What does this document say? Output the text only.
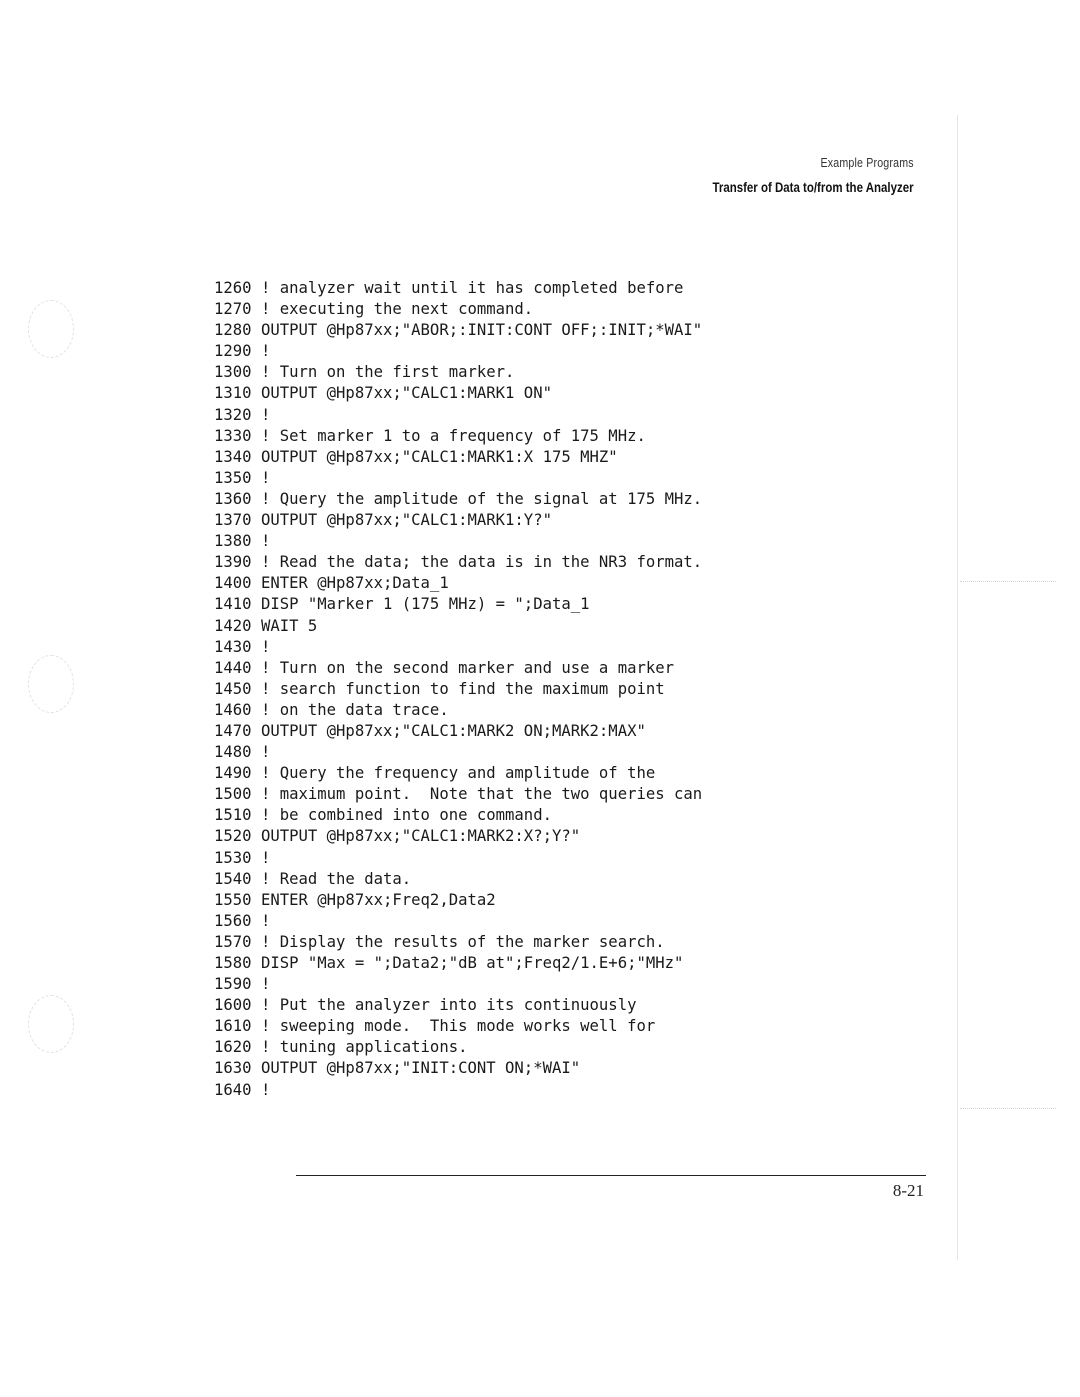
Example Programs
Transfer of Data to/from the Analyzer
1260 ! analyzer wait until it has completed before
1270 ! executing the next command.
1280 OUTPUT @Hp87xx;"ABOR;:INIT:CONT OFF;:INIT;*WAI"
1290 !
1300 ! Turn on the first marker.
1310 OUTPUT @Hp87xx;"CALC1:MARK1 ON"
1320 !
1330 ! Set marker 1 to a frequency of 175 MHz.
1340 OUTPUT @Hp87xx;"CALC1:MARK1:X 175 MHZ"
1350 !
1360 ! Query the amplitude of the signal at 175 MHz.
1370 OUTPUT @Hp87xx;"CALC1:MARK1:Y?"
1380 !
1390 ! Read the data; the data is in the NR3 format.
1400 ENTER @Hp87xx;Data_1
1410 DISP "Marker 1 (175 MHz) = ";Data_1
1420 WAIT 5
1430 !
1440 ! Turn on the second marker and use a marker
1450 ! search function to find the maximum point
1460 ! on the data trace.
1470 OUTPUT @Hp87xx;"CALC1:MARK2 ON;MARK2:MAX"
1480 !
1490 ! Query the frequency and amplitude of the
1500 ! maximum point.  Note that the two queries can
1510 ! be combined into one command.
1520 OUTPUT @Hp87xx;"CALC1:MARK2:X?;Y?"
1530 !
1540 ! Read the data.
1550 ENTER @Hp87xx;Freq2,Data2
1560 !
1570 ! Display the results of the marker search.
1580 DISP "Max = ";Data2;"dB at";Freq2/1.E+6;"MHz"
1590 !
1600 ! Put the analyzer into its continuously
1610 ! sweeping mode.  This mode works well for
1620 ! tuning applications.
1630 OUTPUT @Hp87xx;"INIT:CONT ON;*WAI"
1640 !
8-21
